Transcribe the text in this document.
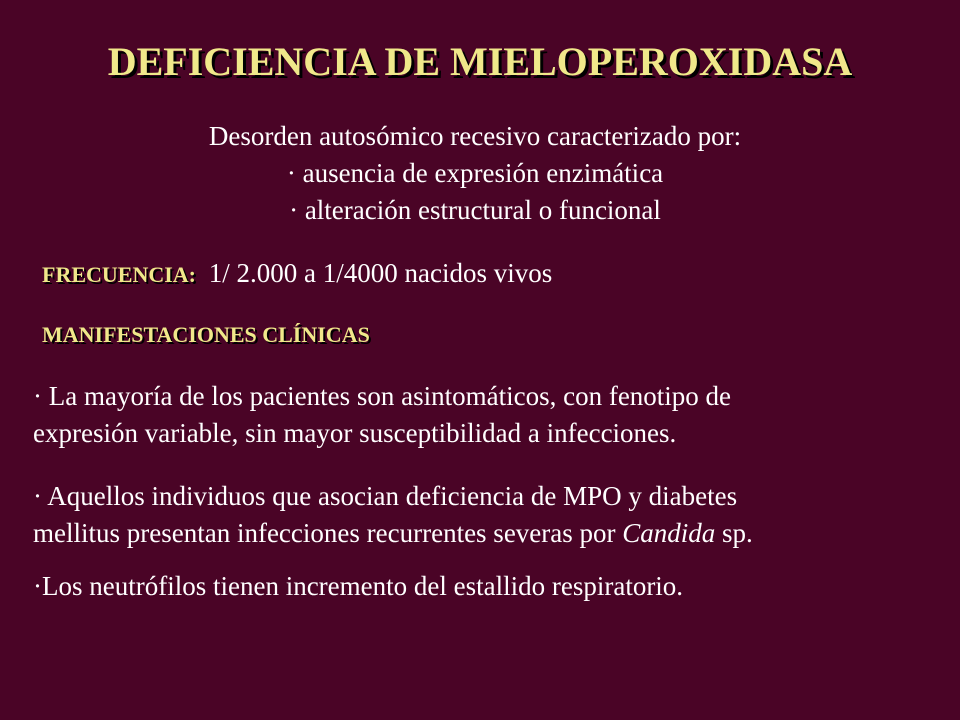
DEFICIENCIA DE MIELOPEROXIDASA
Desorden autosómico recesivo caracterizado por:
· ausencia de expresión enzimática
· alteración estructural o funcional
FRECUENCIA: 1/ 2.000 a 1/4000 nacidos vivos
MANIFESTACIONES CLÍNICAS
· La mayoría de los pacientes son asintomáticos, con fenotipo de
expresión variable, sin mayor susceptibilidad a infecciones.
· Aquellos individuos que asocian deficiencia de MPO y diabetes
mellitus presentan infecciones recurrentes severas por Candida sp.
·Los neutrófilos tienen incremento del estallido respiratorio.
